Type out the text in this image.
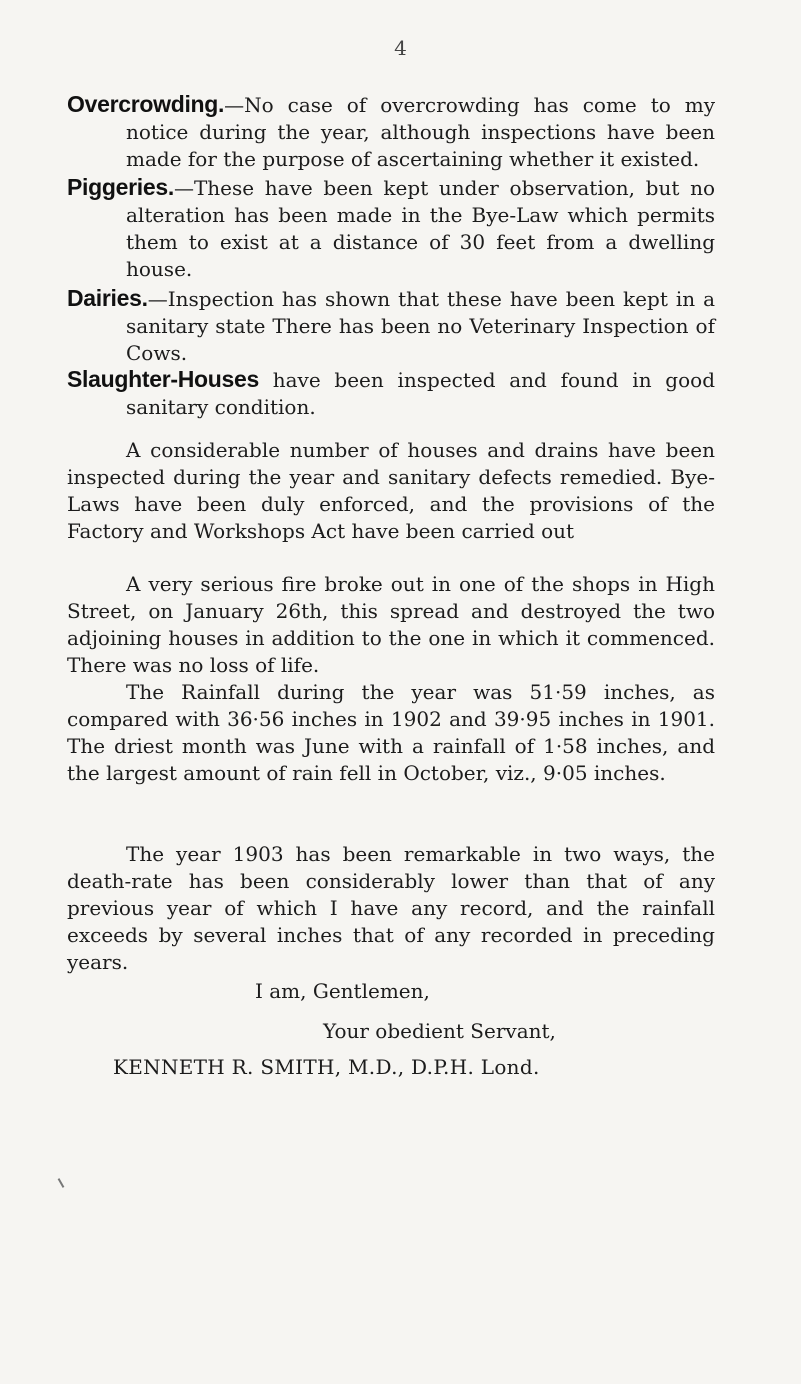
4
Overcrowding.—No case of overcrowding has come to my notice during the year, although inspections have been made for the purpose of ascertaining whether it existed.
Piggeries.—These have been kept under observation, but no alteration has been made in the Bye-Law which permits them to exist at a distance of 30 feet from a dwelling house.
Dairies.—Inspection has shown that these have been kept in a sanitary state There has been no Veterinary Inspection of Cows.
Slaughter-Houses have been inspected and found in good sanitary condition.
A considerable number of houses and drains have been inspected during the year and sanitary defects remedied. Bye-Laws have been duly enforced, and the provisions of the Factory and Workshops Act have been carried out
A very serious fire broke out in one of the shops in High Street, on January 26th, this spread and destroyed the two adjoining houses in addition to the one in which it commenced. There was no loss of life.
The Rainfall during the year was 51·59 inches, as compared with 36·56 inches in 1902 and 39·95 inches in 1901. The driest month was June with a rainfall of 1·58 inches, and the largest amount of rain fell in October, viz., 9·05 inches.
The year 1903 has been remarkable in two ways, the death-rate has been considerably lower than that of any previous year of which I have any record, and the rainfall exceeds by several inches that of any recorded in preceding years.
I am, Gentlemen,
Your obedient Servant,
KENNETH R. SMITH, M.D., D.P.H. Lond.
